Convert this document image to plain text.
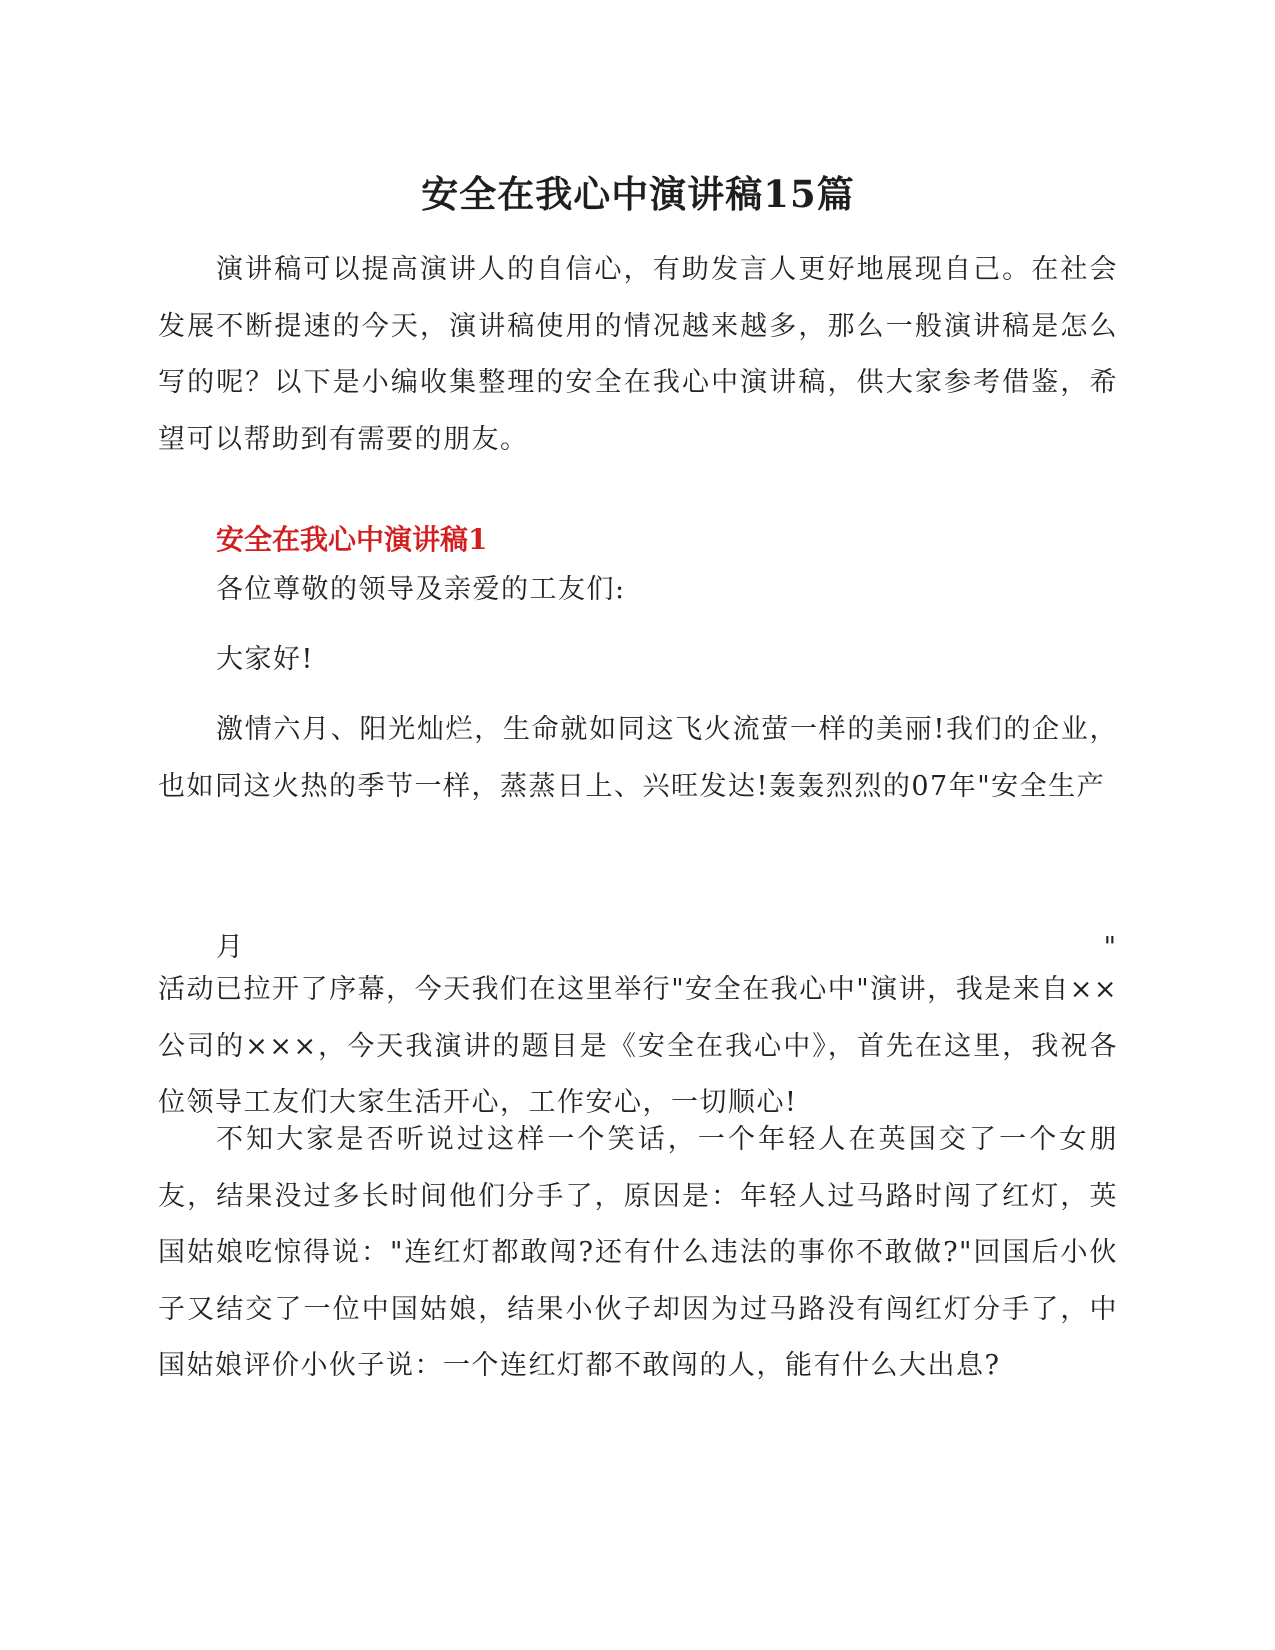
安全在我心中演讲稿15篇

演讲稿可以提高演讲人的自信心，有助发言人更好地展现自己。在社会发展不断提速的今天，演讲稿使用的情况越来越多，那么一般演讲稿是怎么写的呢？以下是小编收集整理的安全在我心中演讲稿，供大家参考借鉴，希望可以帮助到有需要的朋友。

安全在我心中演讲稿1

各位尊敬的领导及亲爱的工友们:

大家好!

激情六月、阳光灿烂，生命就如同这飞火流萤一样的美丽!我们的企业，也如同这火热的季节一样，蒸蒸日上、兴旺发达!轰轰烈烈的07年"安全生产

月	"

活动已拉开了序幕，今天我们在这里举行"安全在我心中"演讲，我是来自××公司的×××，今天我演讲的题目是《安全在我心中》，首先在这里，我祝各位领导工友们大家生活开心，工作安心，一切顺心!

不知大家是否听说过这样一个笑话，一个年轻人在英国交了一个女朋友，结果没过多长时间他们分手了，原因是：年轻人过马路时闯了红灯，英国姑娘吃惊得说："连红灯都敢闯?还有什么违法的事你不敢做?"回国后小伙子又结交了一位中国姑娘，结果小伙子却因为过马路没有闯红灯分手了，中国姑娘评价小伙子说：一个连红灯都不敢闯的人，能有什么大出息?
